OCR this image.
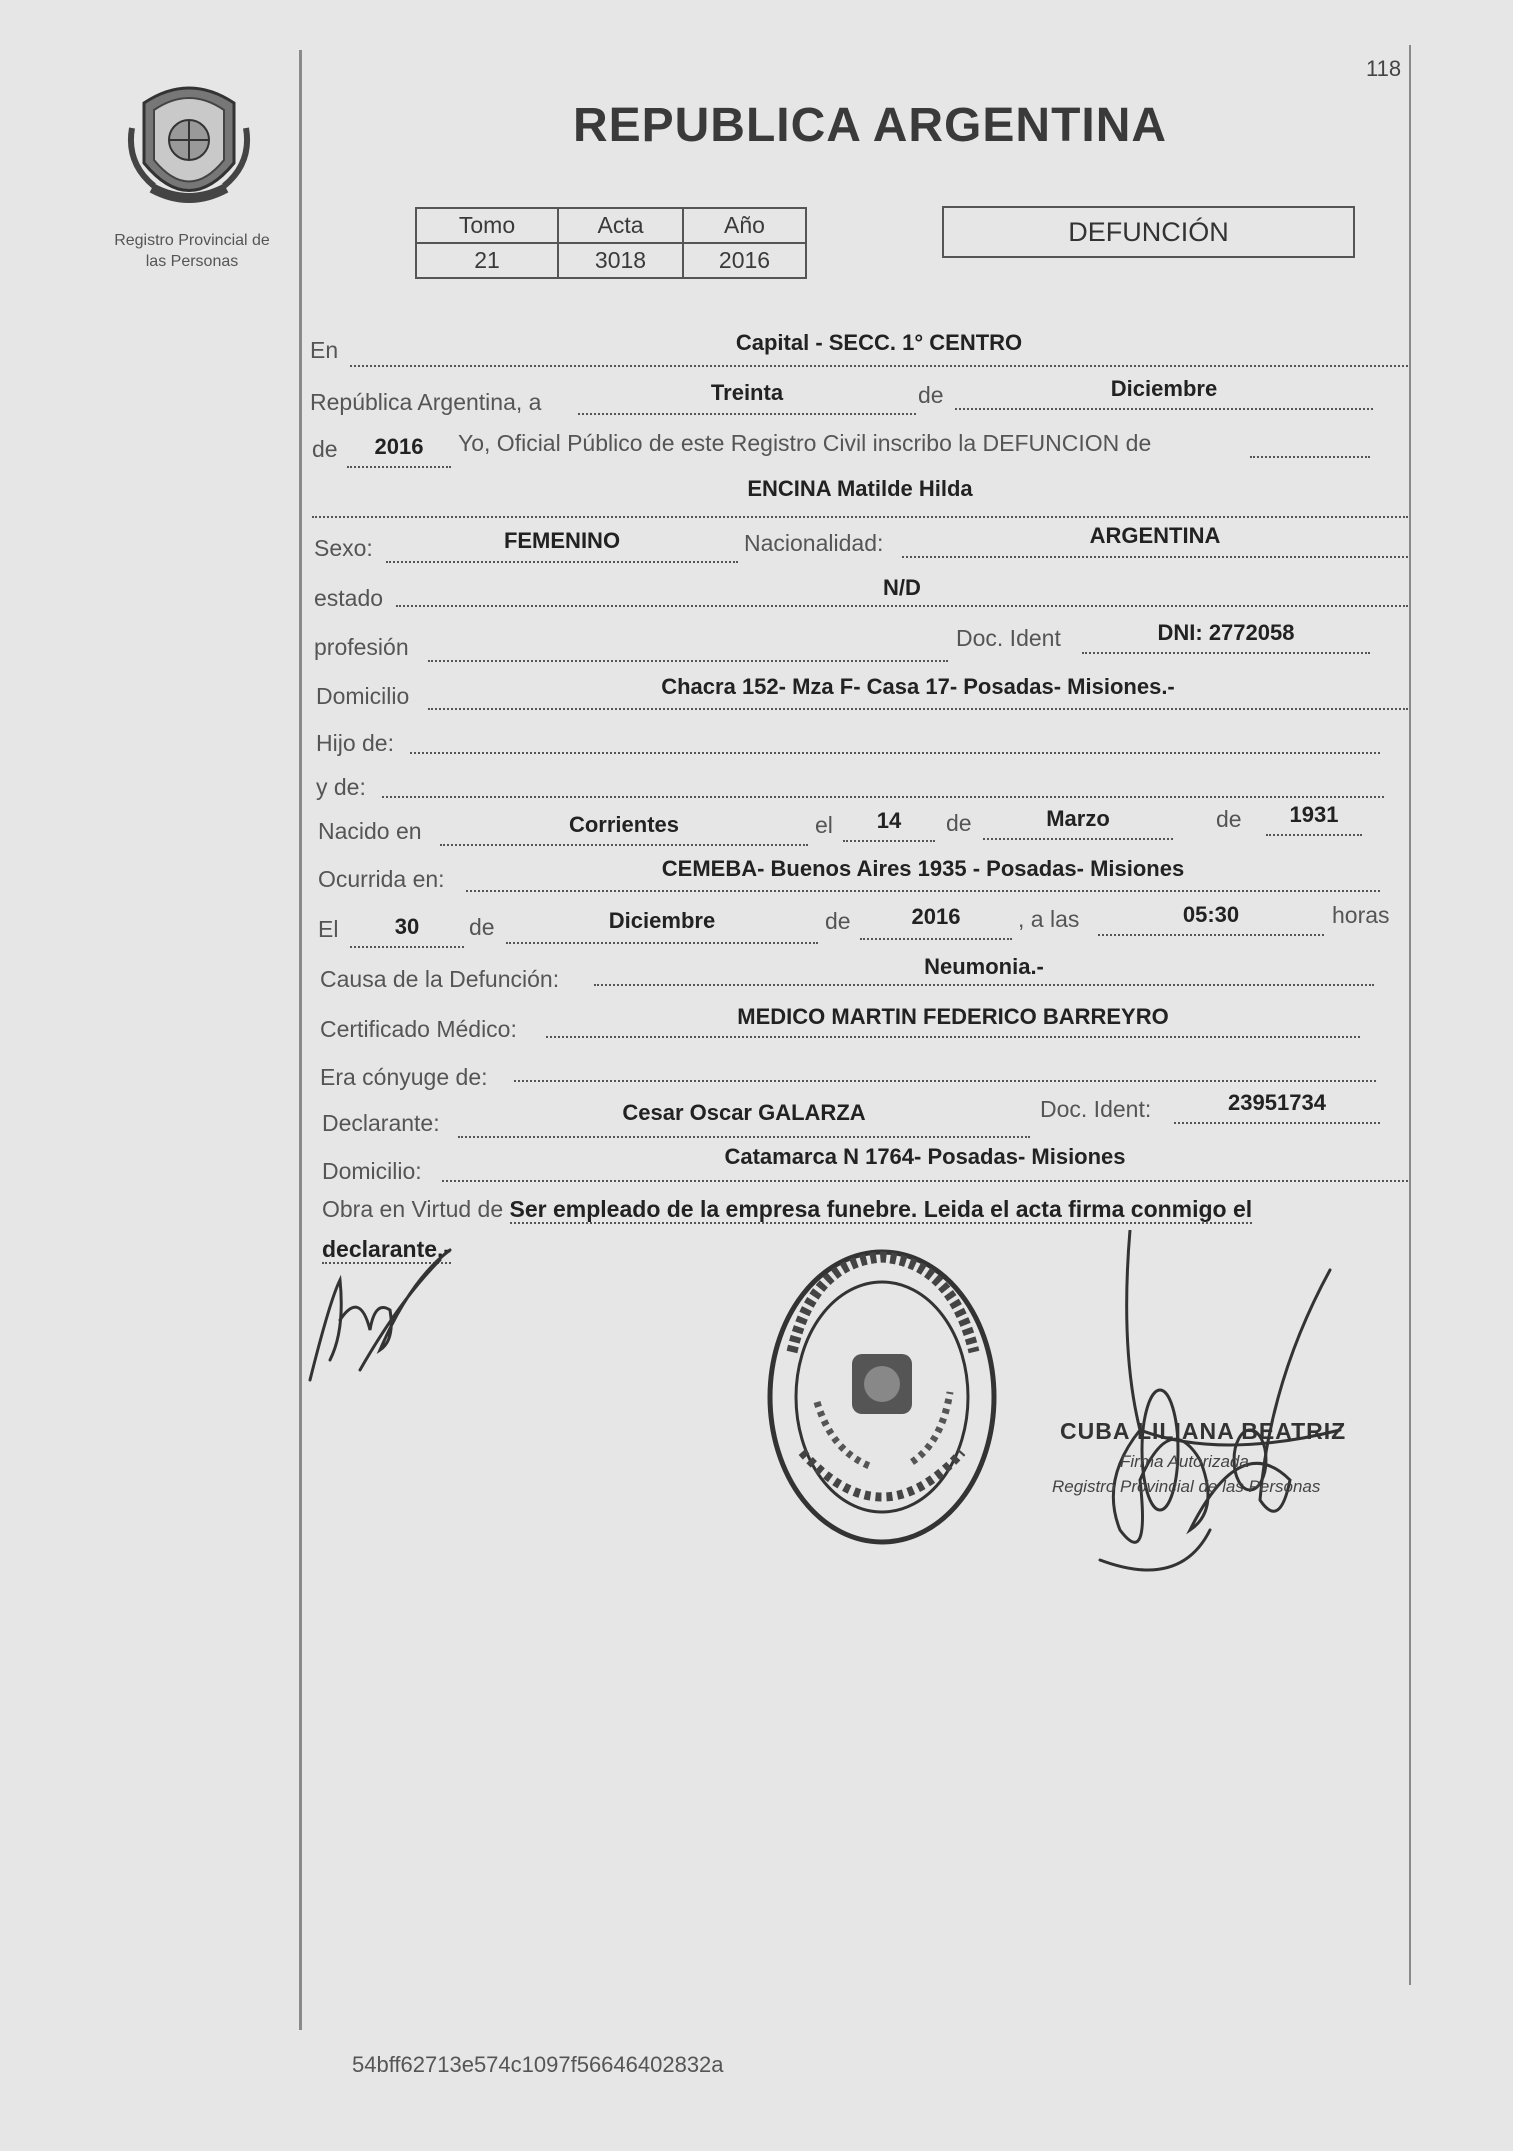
118
Registro Provincial de
las Personas
REPUBLICA ARGENTINA
Tomo	Acta	Año
21	3018	2016
DEFUNCIÓN
En	Capital - SECC. 1° CENTRO
República Argentina, a	Treinta	de	Diciembre
de	2016	Yo, Oficial Público de este Registro Civil inscribo la DEFUNCION de
ENCINA Matilde Hilda
Sexo:	FEMENINO	Nacionalidad:	ARGENTINA
estado	N/D
profesión	Doc. Ident	DNI: 2772058
Domicilio	Chacra 152- Mza F- Casa 17- Posadas- Misiones.-
Hijo de:
y de:
Nacido en	Corrientes	el	14	de	Marzo	de	1931
Ocurrida en:	CEMEBA- Buenos Aires 1935 - Posadas- Misiones
El	30	de	Diciembre	de	2016	, a las	05:30	horas
Causa de la Defunción:	Neumonia.-
Certificado Médico:	MEDICO MARTIN FEDERICO BARREYRO
Era cónyuge de:
Declarante:	Cesar Oscar GALARZA	Doc. Ident:	23951734
Domicilio:
Catamarca N 1764- Posadas- Misiones
Obra en Virtud de Ser empleado de la empresa funebre. Leida el acta firma conmigo el
declarante.-
CUBA LILIANA BEATRIZ
Firma Autorizada
Registro Provincial de las Personas
54bff62713e574c1097f56646402832a
